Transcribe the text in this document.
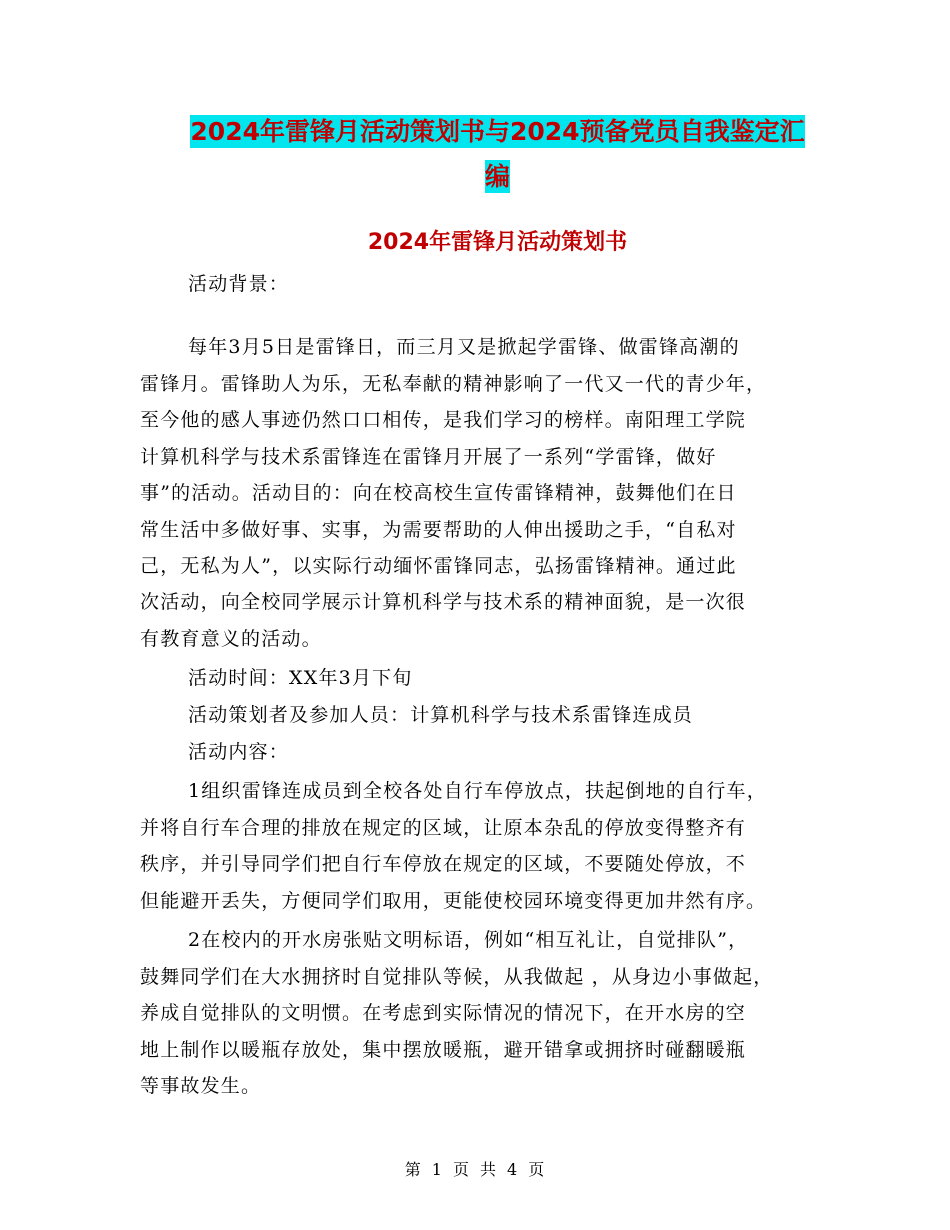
2024年雷锋月活动策划书与2024预备党员自我鉴定汇
编
2024年雷锋月活动策划书
活动背景：
每年3月5日是雷锋日，而三月又是掀起学雷锋、做雷锋高潮的
雷锋月。雷锋助人为乐，无私奉献的精神影响了一代又一代的青少年，
至今他的感人事迹仍然口口相传，是我们学习的榜样。南阳理工学院
计算机科学与技术系雷锋连在雷锋月开展了一系列“学雷锋，做好
事”的活动。活动目的：向在校高校生宣传雷锋精神，鼓舞他们在日
常生活中多做好事、实事，为需要帮助的人伸出援助之手，“自私对
己，无私为人”，以实际行动缅怀雷锋同志，弘扬雷锋精神。通过此
次活动，向全校同学展示计算机科学与技术系的精神面貌，是一次很
有教育意义的活动。
活动时间：XX年3月下旬
活动策划者及参加人员：计算机科学与技术系雷锋连成员
活动内容：
1组织雷锋连成员到全校各处自行车停放点，扶起倒地的自行车，
并将自行车合理的排放在规定的区域，让原本杂乱的停放变得整齐有
秩序，并引导同学们把自行车停放在规定的区域，不要随处停放，不
但能避开丢失，方便同学们取用，更能使校园环境变得更加井然有序。
2在校内的开水房张贴文明标语，例如“相互礼让，自觉排队”，
鼓舞同学们在大水拥挤时自觉排队等候，从我做起 ，从身边小事做起，
养成自觉排队的文明惯。在考虑到实际情况的情况下，在开水房的空
地上制作以暖瓶存放处，集中摆放暖瓶，避开错拿或拥挤时碰翻暖瓶
等事故发生。
第 1 页 共 4 页
